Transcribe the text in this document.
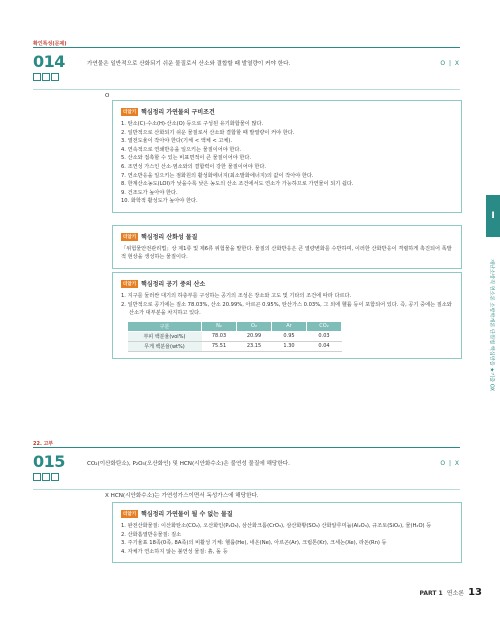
확인특성(문제)
014	가연물은 일반적으로 산화되기 쉬운 물질로서 산소와 결합할 때 발열량이 커야 한다.	O | X
O
더알기 핵심정리 가연물의 구비조건
1. 탄소(C)·수소(H)·산소(O) 등으로 구성된 유기화합물이 많다.
2. 일반적으로 산화되기 쉬운 물질로서 산소와 결합할 때 발열량이 커야 한다.
3. 열전도율이 작아야 한다(기체 < 액체 < 고체).
4. 연속적으로 연쇄반응을 일으키는 물질이어야 한다.
5. 산소와 접촉할 수 있는 비표면적이 큰 물질이어야 한다.
6. 조연성 가스인 산소·염소와의 결합력이 강한 물질이어야 한다.
7. 연소반응을 일으키는 점화원의 활성화에너지(최소발화에너지)의 값이 작아야 한다.
8. 한계산소농도(LOI)가 낮을수록 낮은 농도의 산소 조건에서도 연소가 가능하므로 가연물이 되기 쉽다.
9. 건조도가 높아야 한다.
10. 화학적 활성도가 높아야 한다.
더알기 핵심정리 산화성 물질

「위험물안전관리법」상 제1류 및 제6류 위험물을 말한다. 물질의 산화반응은 큰 열량변화를 수반하며, 이러한 산화반응이 격렬하게 촉진되어 폭발적 현상을 생성하는 물질이다.

더알기 핵심정리 공기 중의 산소
1. 지구를 둘러싼 대기의 하층부를 구성하는 공기의 조성은 장소와 고도 및 기타의 조건에 따라 다르다.
2. 일반적으로 공기에는 질소 78.03%, 산소 20.99%, 아르곤 0.95%, 탄산가스 0.03%, 그 외에 헬륨 등이 포함되어 있다. 즉, 공기 중에는 질소와 산소가 대부분을 차지하고 있다.
구분	N₂	O₂	Ar	CO₂
부피 백분율(vol%)	78.03	20.99	0.95	0.03
무게 백분율(wt%)	75.51	23.15	1.30	0.04
22. 고부
015	CO₂(이산화탄소), P₂O₅(오산화인) 및 HCN(시안화수소)은 불연성 물질에 해당한다.	O | X
X HCN(시안화수소)는 가연성가스이면서 독성가스에 해당한다.
더알기 핵심정리 가연물이 될 수 없는 물질
1. 완전산화물질: 이산화탄소(CO₂), 오산화인(P₂O₅), 삼산화크롬(CrO₃), 삼산화황(SO₃) 산화알루미늄(Al₂O₃), 규조토(SiO₂), 물(H₂O) 등
2. 산화흡열반응물질: 질소
3. 주기율표 18족(0족, 8A족)의 비활성 기체: 헬륨(He), 네온(Ne), 아르곤(Ar), 크립톤(Kr), 크세논(Xe), 라돈(Rn) 등
4. 자체가 연소하지 않는 불연성 물질: 흙, 돌 등
I
재난소방직 연소론 소방학개론 단원별 핵심만을 ★기출 OX
PART 1 연소론 13
